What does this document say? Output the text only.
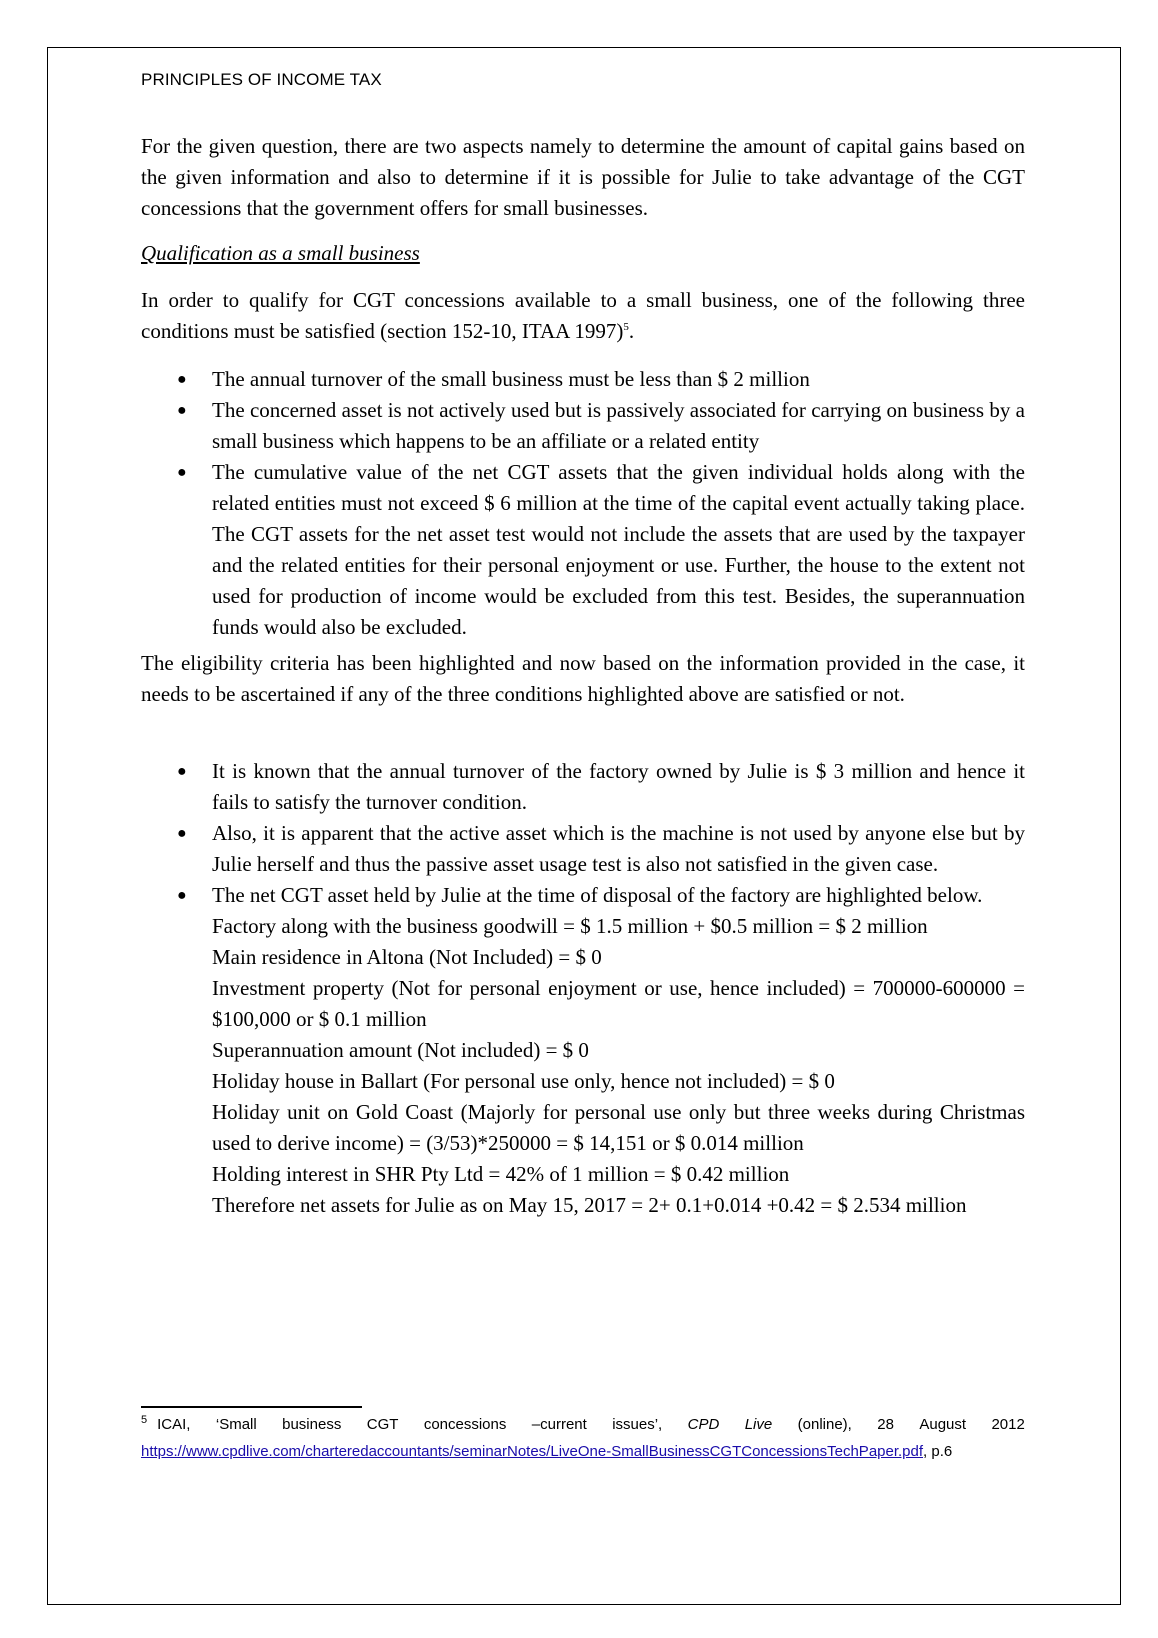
PRINCIPLES OF INCOME TAX

For the given question, there are two aspects namely to determine the amount of capital gains based on the given information and also to determine if it is possible for Julie to take advantage of the CGT concessions that the government offers for small businesses.

Qualification as a small business

In order to qualify for CGT concessions available to a small business, one of the following three conditions must be satisfied (section 152-10, ITAA 1997)$^5$.

● The annual turnover of the small business must be less than $ 2 million
● The concerned asset is not actively used but is passively associated for carrying on business by a small business which happens to be an affiliate or a related entity
● The cumulative value of the net CGT assets that the given individual holds along with the related entities must not exceed $ 6 million at the time of the capital event actually taking place. The CGT assets for the net asset test would not include the assets that are used by the taxpayer and the related entities for their personal enjoyment or use. Further, the house to the extent not used for production of income would be excluded from this test. Besides, the superannuation funds would also be excluded.

The eligibility criteria has been highlighted and now based on the information provided in the case, it needs to be ascertained if any of the three conditions highlighted above are satisfied or not.

● It is known that the annual turnover of the factory owned by Julie is $ 3 million and hence it fails to satisfy the turnover condition.
● Also, it is apparent that the active asset which is the machine is not used by anyone else but by Julie herself and thus the passive asset usage test is also not satisfied in the given case.
● The net CGT asset held by Julie at the time of disposal of the factory are highlighted below.
Factory along with the business goodwill = $ 1.5 million + $0.5 million = $ 2 million
Main residence in Altona (Not Included) = $ 0
Investment property (Not for personal enjoyment or use, hence included) = 700000-600000 = $100,000 or $ 0.1 million
Superannuation amount (Not included) = $ 0
Holiday house in Ballart (For personal use only, hence not included) = $ 0
Holiday unit on Gold Coast (Majorly for personal use only but three weeks during Christmas used to derive income) = (3/53)*250000 = $ 14,151 or $ 0.014 million
Holding interest in SHR Pty Ltd = 42% of 1 million = $ 0.42 million
Therefore net assets for Julie as on May 15, 2017 = 2+ 0.1+0.014 +0.42 = $ 2.534 million
$^5$ ICAI, ‘Small business CGT concessions –current issues’, CPD Live (online), 28 August 2012
https://www.cpdlive.com/charteredaccountants/seminarNotes/LiveOne-SmallBusinessCGTConcessionsTechPaper.pdf, p.6
